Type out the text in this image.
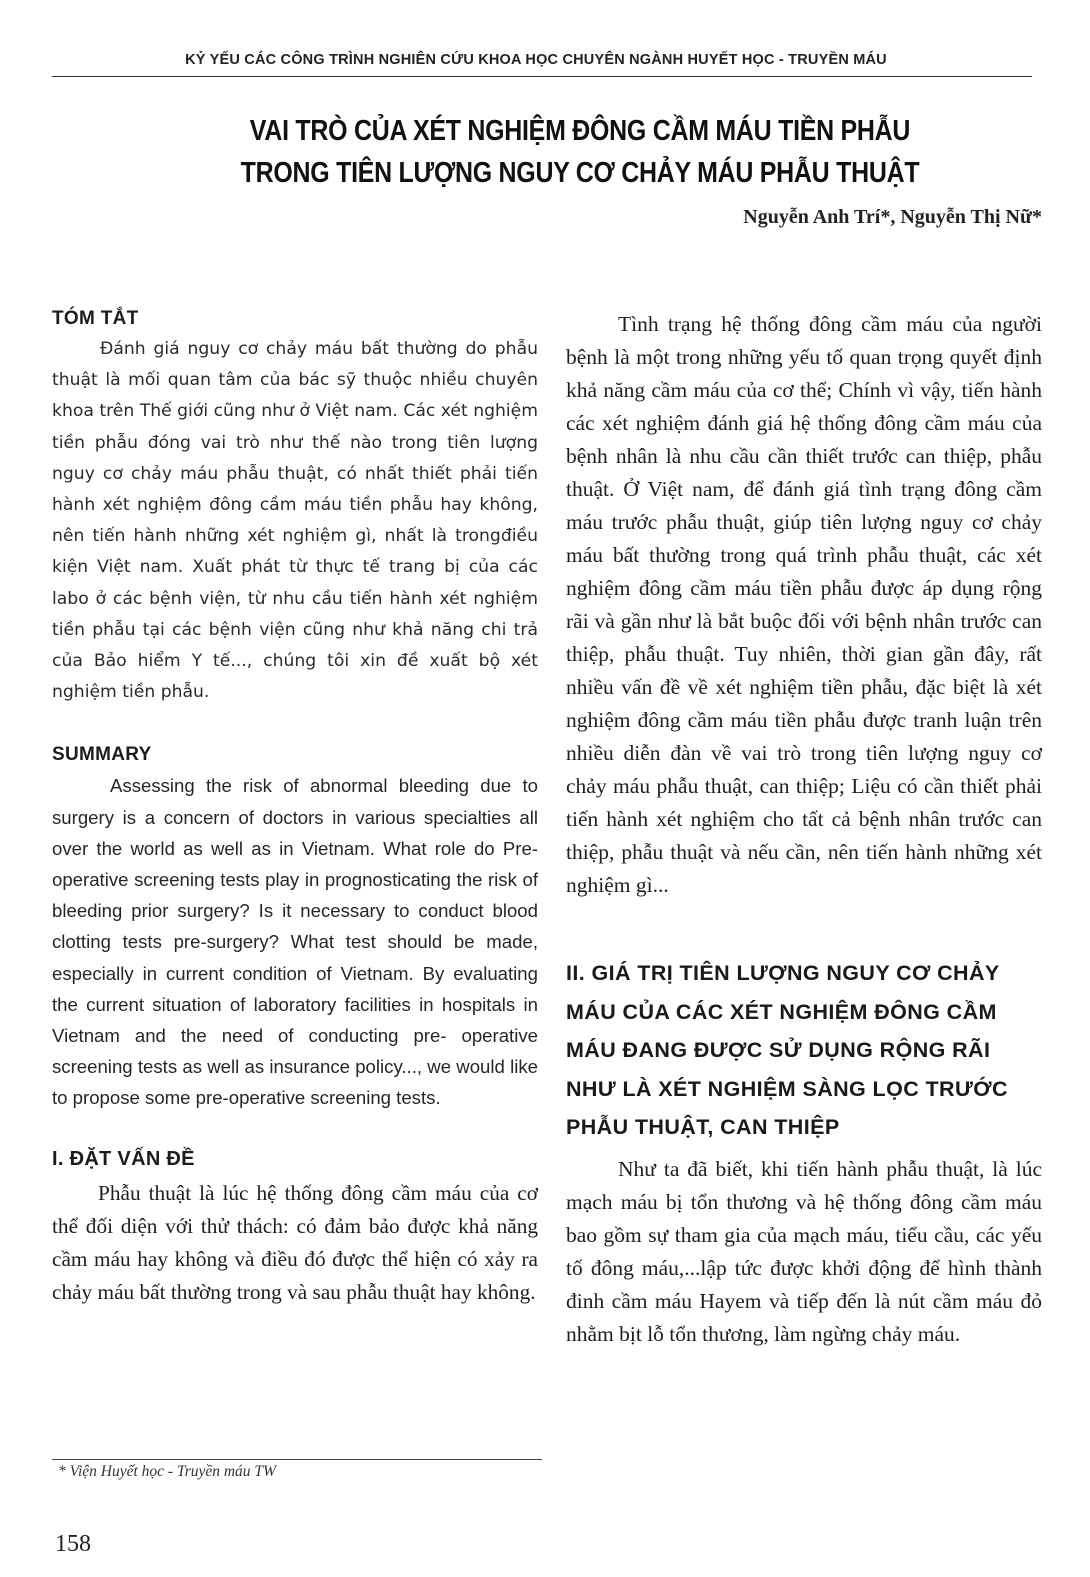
KỶ YẾU CÁC CÔNG TRÌNH NGHIÊN CỨU KHOA HỌC CHUYÊN NGÀNH HUYẾT HỌC - TRUYỀN MÁU
VAI TRÒ CỦA XÉT NGHIỆM ĐÔNG CẦM MÁU TIỀN PHẪU
TRONG TIÊN LƯỢNG NGUY CƠ CHẢY MÁU PHẪU THUẬT
Nguyễn Anh Trí*, Nguyễn Thị Nữ*
TÓM TẮT

Đánh giá nguy cơ chảy máu bất thường do phẫu thuật là mối quan tâm của bác sỹ thuộc nhiều chuyên khoa trên Thế giới cũng như ở Việt nam. Các xét nghiệm tiền phẫu đóng vai trò như thế nào trong tiên lượng nguy cơ chảy máu phẫu thuật, có nhất thiết phải tiến hành xét nghiệm đông cầm máu tiền phẫu hay không, nên tiến hành những xét nghiệm gì, nhất là trongđiều kiện Việt nam. Xuất phát từ thực tế trang bị của các labo ở các bệnh viện, từ nhu cầu tiến hành xét nghiệm tiền phẫu tại các bệnh viện cũng như khả năng chi trả của Bảo hiểm Y tế..., chúng tôi xin đề xuất bộ xét nghiệm tiền phẫu.

SUMMARY

Assessing the risk of abnormal bleeding due to surgery is a concern of doctors in various specialties all over the world as well as in Vietnam. What role do Pre-operative screening tests play in prognosticating the risk of bleeding prior surgery? Is it necessary to conduct blood clotting tests pre-surgery? What test should be made, especially in current condition of Vietnam. By evaluating the current situation of laboratory facilities in hospitals in Vietnam and the need of conducting pre- operative screening tests as well as insurance policy..., we would like to propose some pre-operative screening tests.

I. ĐẶT VẤN ĐỀ

Phẫu thuật là lúc hệ thống đông cầm máu của cơ thể đối diện với thử thách: có đảm bảo được khả năng cầm máu hay không và điều đó được thể hiện có xảy ra chảy máu bất thường trong và sau phẫu thuật hay không.

Tình trạng hệ thống đông cầm máu của người bệnh là một trong những yếu tố quan trọng quyết định khả năng cầm máu của cơ thể; Chính vì vậy, tiến hành các xét nghiệm đánh giá hệ thống đông cầm máu của bệnh nhân là nhu cầu cần thiết trước can thiệp, phẫu thuật. Ở Việt nam, để đánh giá tình trạng đông cầm máu trước phẫu thuật, giúp tiên lượng nguy cơ chảy máu bất thường trong quá trình phẫu thuật, các xét nghiệm đông cầm máu tiền phẫu được áp dụng rộng rãi và gần như là bắt buộc đối với bệnh nhân trước can thiệp, phẫu thuật. Tuy nhiên, thời gian gần đây, rất nhiều vấn đề về xét nghiệm tiền phẫu, đặc biệt là xét nghiệm đông cầm máu tiền phẫu được tranh luận trên nhiều diễn đàn về vai trò trong tiên lượng nguy cơ chảy máu phẫu thuật, can thiệp; Liệu có cần thiết phải tiến hành xét nghiệm cho tất cả bệnh nhân trước can thiệp, phẫu thuật và nếu cần, nên tiến hành những xét nghiệm gì...

II. GIÁ TRỊ TIÊN LƯỢNG NGUY CƠ CHẢY MÁU CỦA CÁC XÉT NGHIỆM ĐÔNG CẦM MÁU ĐANG ĐƯỢC SỬ DỤNG RỘNG RÃI NHƯ LÀ XÉT NGHIỆM SÀNG LỌC TRƯỚC PHẪU THUẬT, CAN THIỆP

Như ta đã biết, khi tiến hành phẫu thuật, là lúc mạch máu bị tổn thương và hệ thống đông cầm máu bao gồm sự tham gia của mạch máu, tiểu cầu, các yếu tố đông máu,...lập tức được khởi động để hình thành đinh cầm máu Hayem và tiếp đến là nút cầm máu đỏ nhằm bịt lỗ tổn thương, làm ngừng chảy máu.

* Viện Huyết học - Truyền máu TW
158
